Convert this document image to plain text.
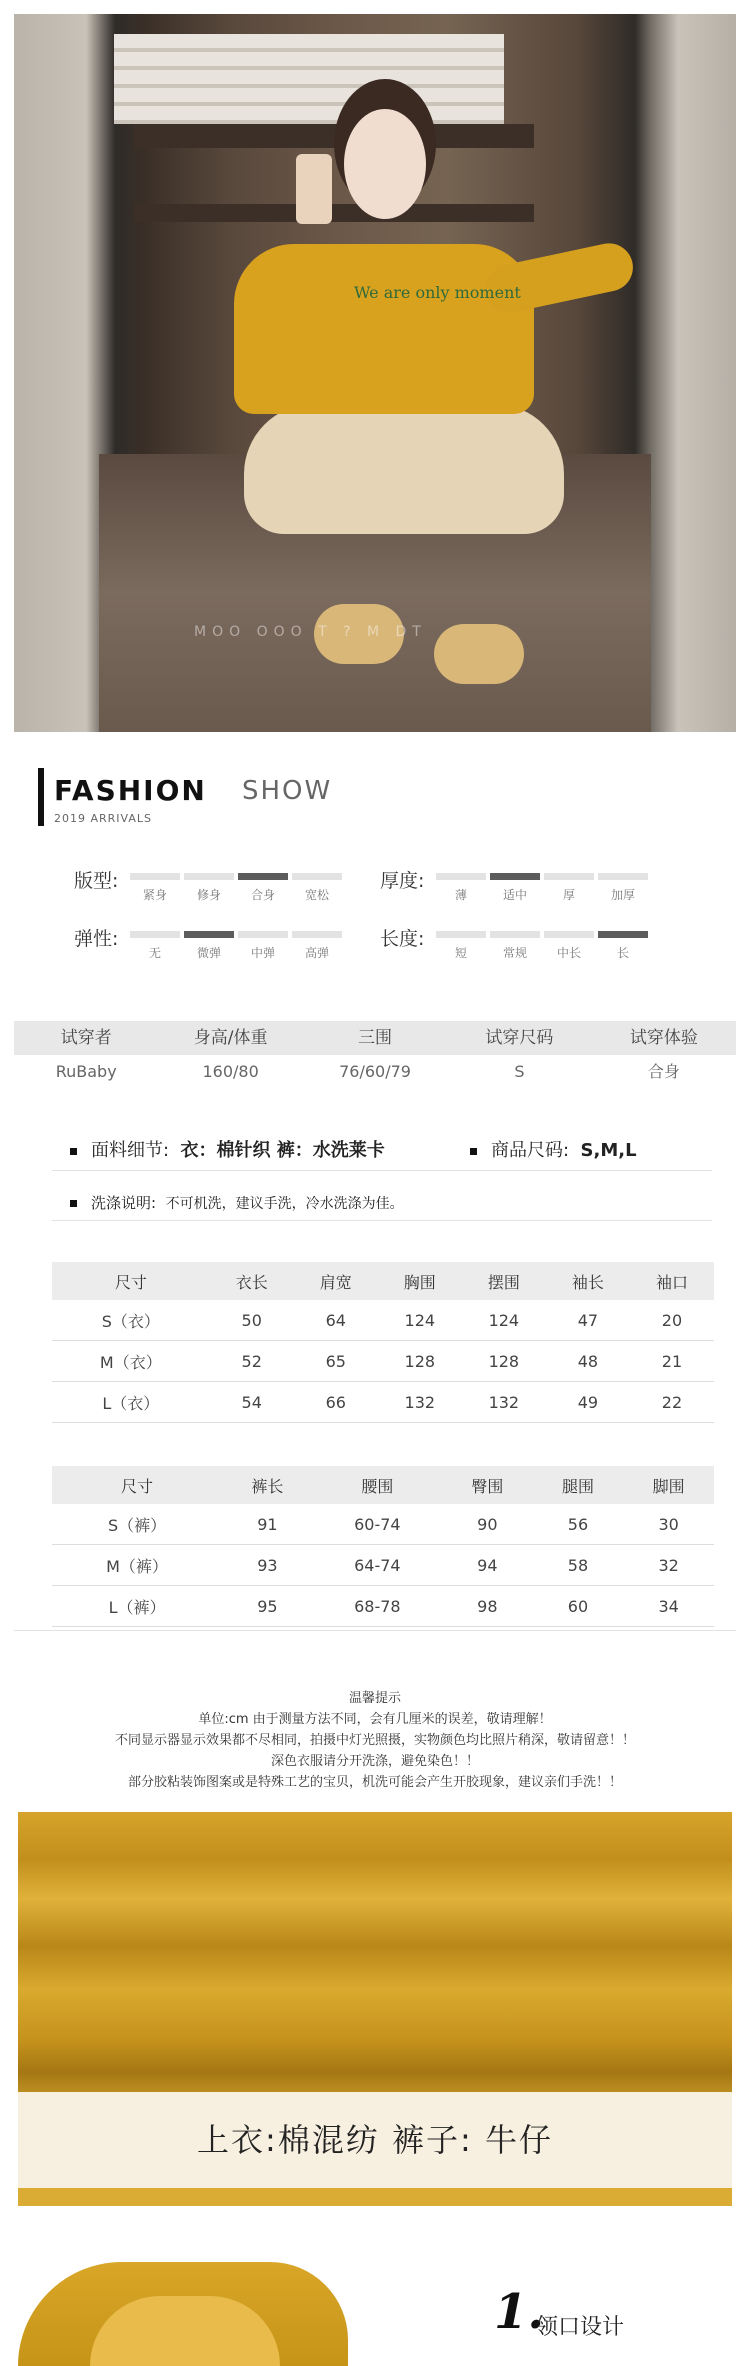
We are only moment
MOO OOO T ? M DT
FASHION SHOW
2019 ARRIVALS
版型:
紧身	修身	合身	宽松
厚度:
薄	适中	厚	加厚
弹性:
无	微弹	中弹	高弹
长度:
短	常规	中长	长
试穿者	身高/体重	三围	试穿尺码	试穿体验
RuBaby	160/80	76/60/79	S	合身
面料细节: 衣：棉针织 裤：水洗莱卡	商品尺码: S,M,L
洗涤说明: 不可机洗，建议手洗，冷水洗涤为佳。
尺寸	衣长	肩宽	胸围	摆围	袖长	袖口
S（衣）	50	64	124	124	47	20
M（衣）	52	65	128	128	48	21
L（衣）	54	66	132	132	49	22
尺寸	裤长	腰围	臀围	腿围	脚围
S（裤）	91	60-74	90	56	30
M（裤）	93	64-74	94	58	32
L（裤）	95	68-78	98	60	34
温馨提示
单位:cm 由于测量方法不同，会有几厘米的误差，敬请理解！
不同显示器显示效果都不尽相同，拍摄中灯光照摄，实物颜色均比照片稍深，敬请留意！！
深色衣服请分开洗涤，避免染色！！
部分胶粘装饰图案或是特殊工艺的宝贝，机洗可能会产生开胶现象，建议亲们手洗！！
上衣:棉混纺 裤子: 牛仔
1.
领口设计
